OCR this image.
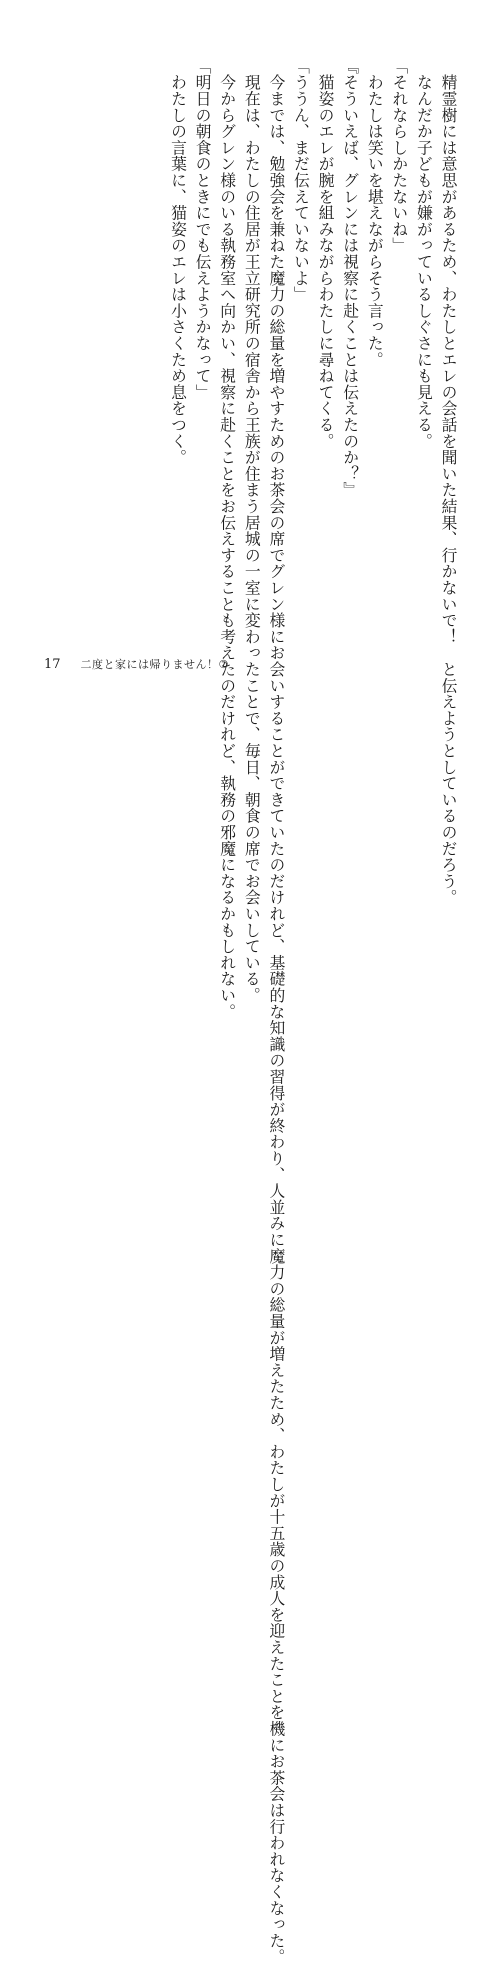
　精霊樹には意思があるため、わたしとエレの会話を聞いた結果、行かないで！　と伝えようとしているのだろう。
　なんだか子どもが嫌がっているしぐさにも見える。
「それならしかたないね」
　わたしは笑いを堪えながらそう言った。
『そういえば、グレンには視察に赴くことは伝えたのか？』
　猫姿のエレが腕を組みながらわたしに尋ねてくる。
「ううん、まだ伝えていないよ」
　今までは、勉強会を兼ねた魔力の総量を増やすためのお茶会の席でグレン様にお会いすることができていたのだけれど、基礎的な知識の習得が終わり、人並みに魔力の総量が増えたため、わたしが十五歳の成人を迎えたことを機にお茶会は行われなくなった。
　現在は、わたしの住居が王立研究所の宿舎から王族が住まう居城の一室に変わったことで、毎日、朝食の席でお会いしている。
　今からグレン様のいる執務室へ向かい、視察に赴くことをお伝えすることも考えたのだけれど、執務の邪魔になるかもしれない。
「明日の朝食のときにでも伝えようかなって」
　わたしの言葉に、猫姿のエレは小さくため息をつく。
17 二度と家には帰りません！⑦
